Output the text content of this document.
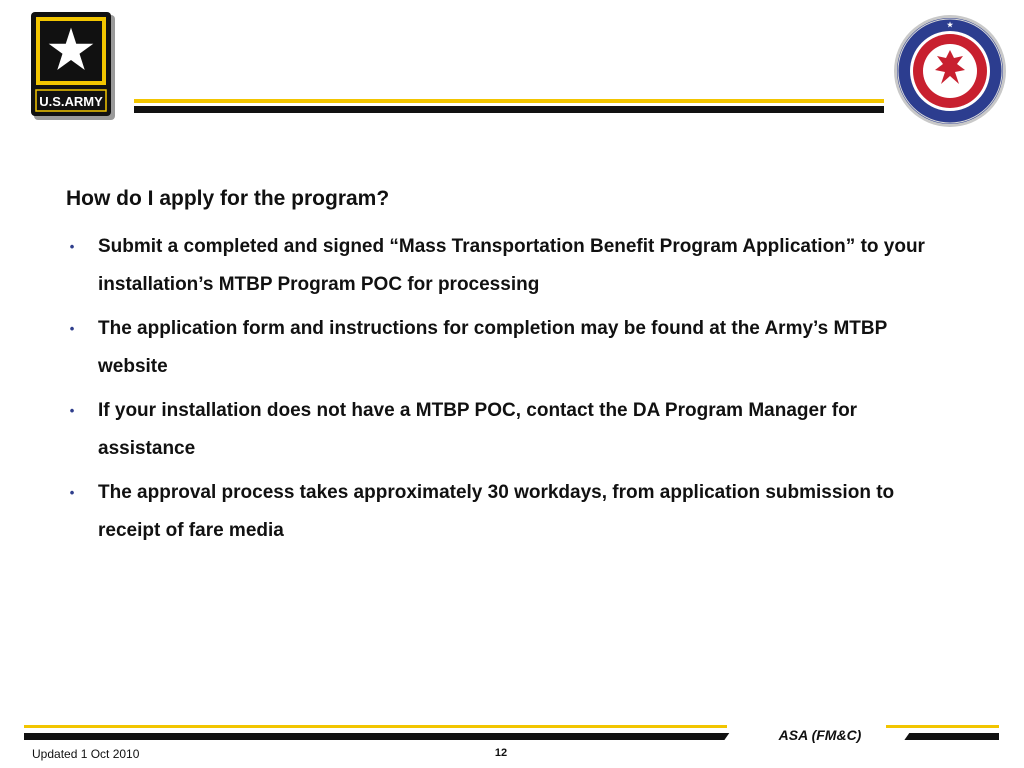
U.S.ARMY
★
How do I apply for the program?
• Submit a completed and signed “Mass Transportation Benefit Program Application” to your installation’s MTBP Program POC for processing
• The application form and instructions for completion may be found at the Army’s MTBP website
• If your installation does not have a MTBP POC, contact the DA Program Manager for assistance
• The approval process takes approximately 30 workdays, from application submission to receipt of fare media
ASA (FM&C)
Updated 1 Oct 2010	12
